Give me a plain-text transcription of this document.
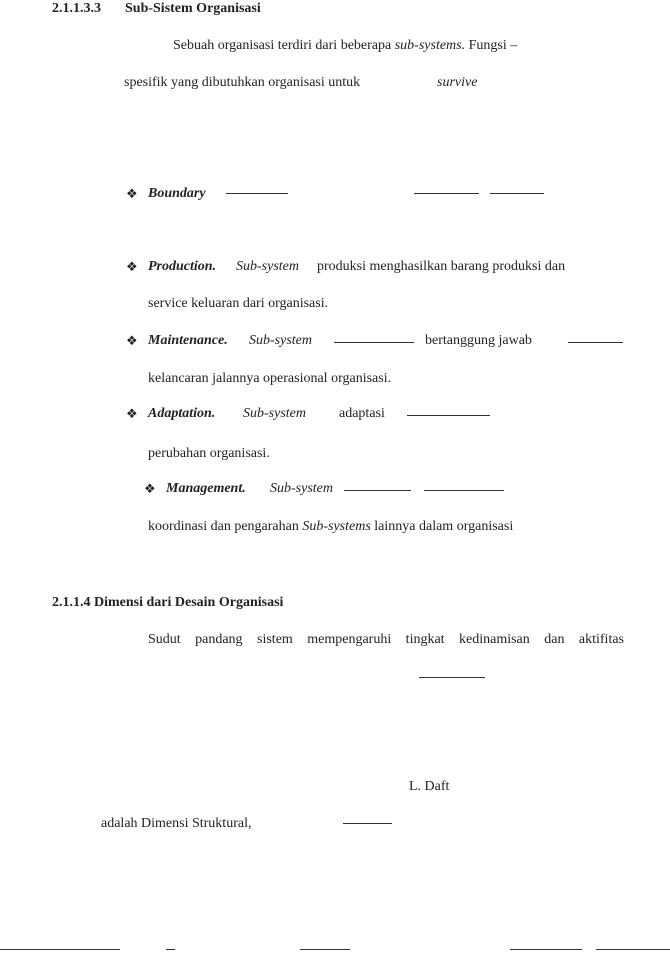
2.1.1.3.3 Sub-Sistem Organisasi
Sebuah organisasi terdiri dari beberapa sub-systems. Fungsi –
spesifik yang dibutuhkan organisasi untuk	survive
❖ Boundary
❖ Production. Sub-system produksi menghasilkan barang produksi dan
service keluaran dari organisasi.
❖ Maintenance. Sub-system	bertanggung jawab
kelancaran jalannya operasional organisasi.
❖ Adaptation. Sub-system adaptasi
perubahan organisasi.
❖ Management. Sub-system
koordinasi dan pengarahan Sub-systems lainnya dalam organisasi
2.1.1.4 Dimensi dari Desain Organisasi
Sudut pandang sistem mempengaruhi tingkat kedinamisan dan aktifitas
L. Daft
adalah Dimensi Struktural,
